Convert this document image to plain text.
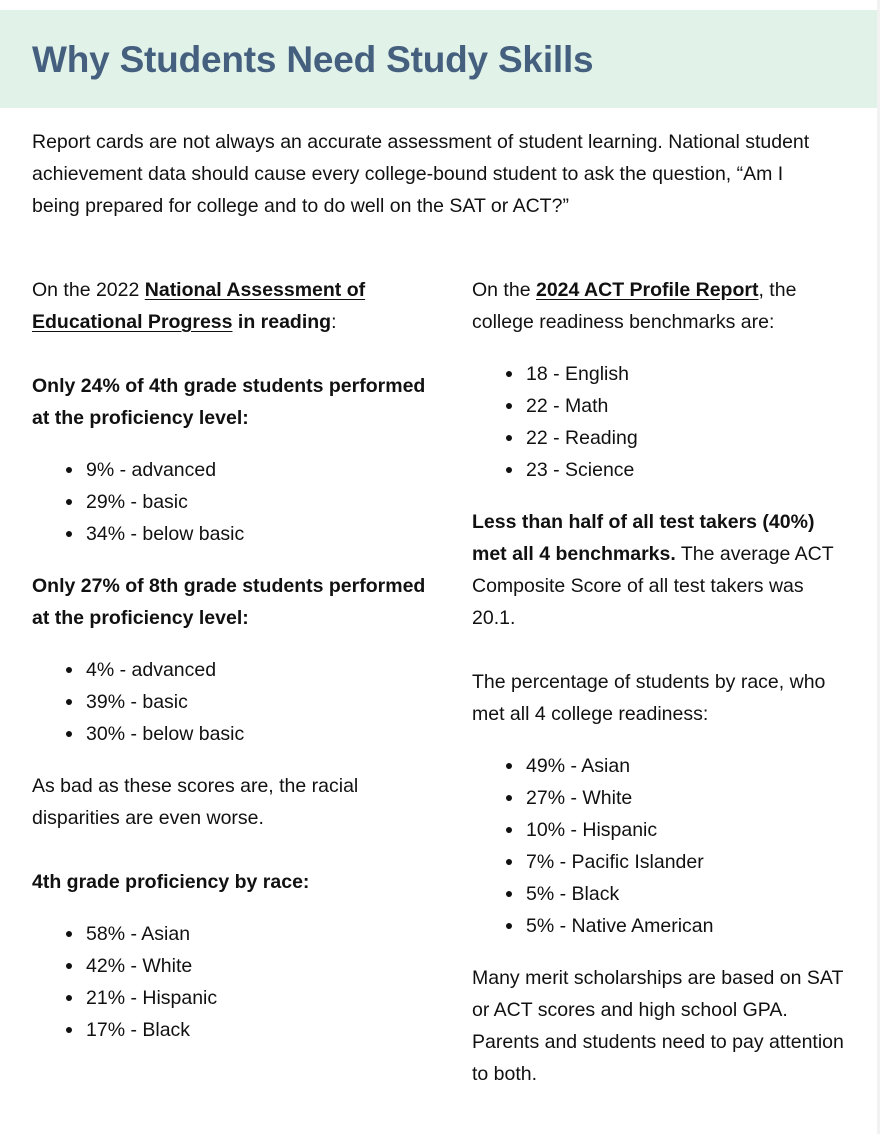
Why Students Need Study Skills

Report cards are not always an accurate assessment of student learning. National student achievement data should cause every college-bound student to ask the question, “Am I being prepared for college and to do well on the SAT or ACT?”

On the 2022 National Assessment of Educational Progress in reading:

Only 24% of 4th grade students performed at the proficiency level:

9% - advanced
29% - basic
34% - below basic

Only 27% of 8th grade students performed at the proficiency level:

4% - advanced
39% - basic
30% - below basic

As bad as these scores are, the racial disparities are even worse.

4th grade proficiency by race:

58% - Asian
42% - White
21% - Hispanic
17% - Black

On the 2024 ACT Profile Report, the college readiness benchmarks are:

18 - English
22 - Math
22 - Reading
23 - Science

Less than half of all test takers (40%) met all 4 benchmarks. The average ACT Composite Score of all test takers was 20.1.

The percentage of students by race, who met all 4 college readiness:

49% - Asian
27% - White
10% - Hispanic
7% - Pacific Islander
5% - Black
5% - Native American

Many merit scholarships are based on SAT or ACT scores and high school GPA. Parents and students need to pay attention to both.
